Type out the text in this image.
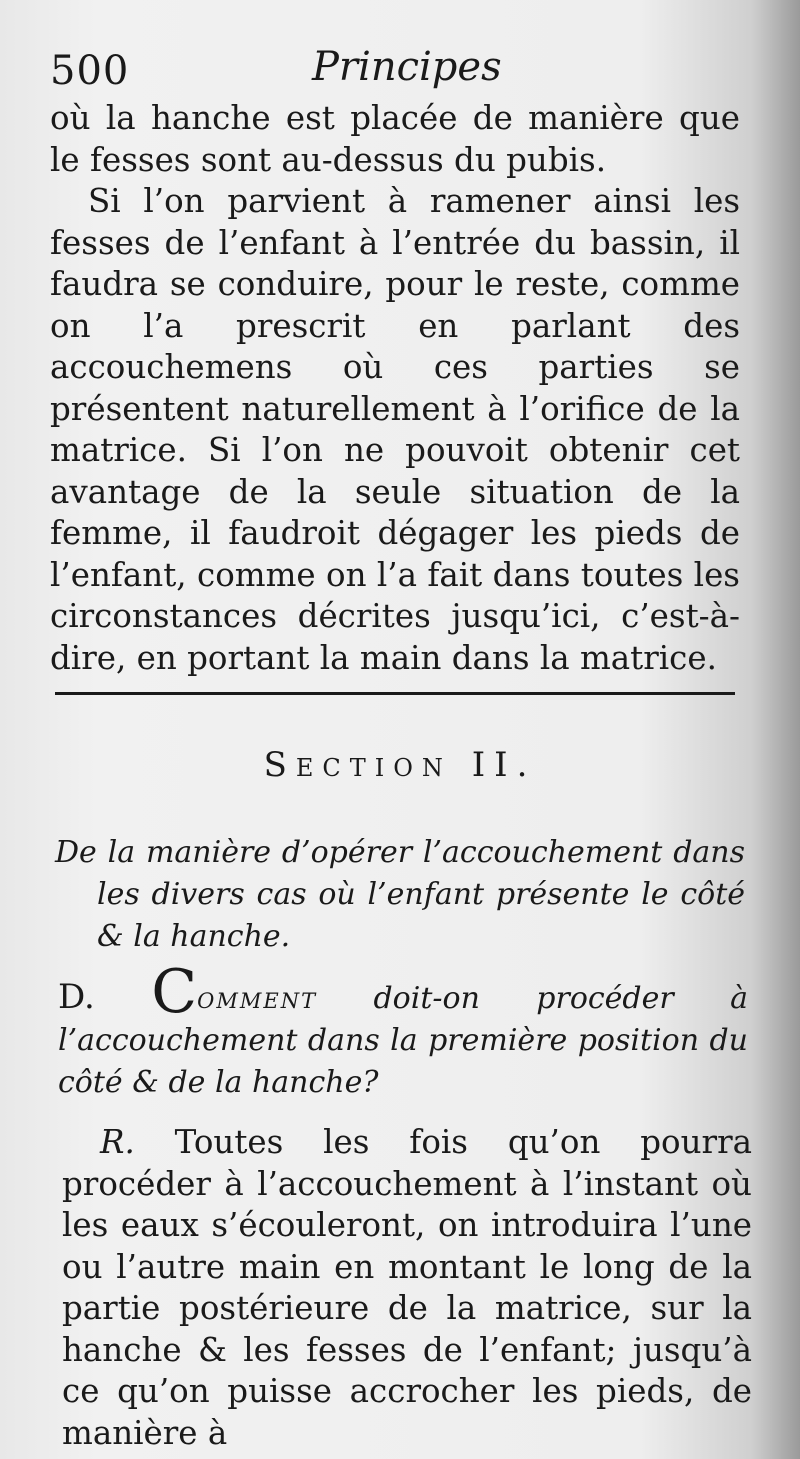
500	Principes

où la hanche est placée de manière que le fesses sont au-dessus du pubis.

Si l’on parvient à ramener ainsi les fesses de l’enfant à l’entrée du bassin, il faudra se conduire, pour le reste, comme on l’a prescrit en parlant des accouchemens où ces parties se présentent naturellement à l’orifice de la matrice. Si l’on ne pouvoit obtenir cet avantage de la seule situation de la femme, il faudroit dégager les pieds de l’enfant, comme on l’a fait dans toutes les circonstances décrites jusqu’ici, c’est-à-dire, en portant la main dans la matrice.

Section II.
De la manière d’opérer l’accouchement dans les divers cas où l’enfant présente le côté & la hanche.
D. Comment doit-on procéder à l’accouchement dans la première position du côté & de la hanche?

R. Toutes les fois qu’on pourra procéder à l’accouchement à l’instant où les eaux s’écouleront, on introduira l’une ou l’autre main en montant le long de la partie postérieure de la matrice, sur la hanche & les fesses de l’enfant; jusqu’à ce qu’on puisse accrocher les pieds, de manière à
